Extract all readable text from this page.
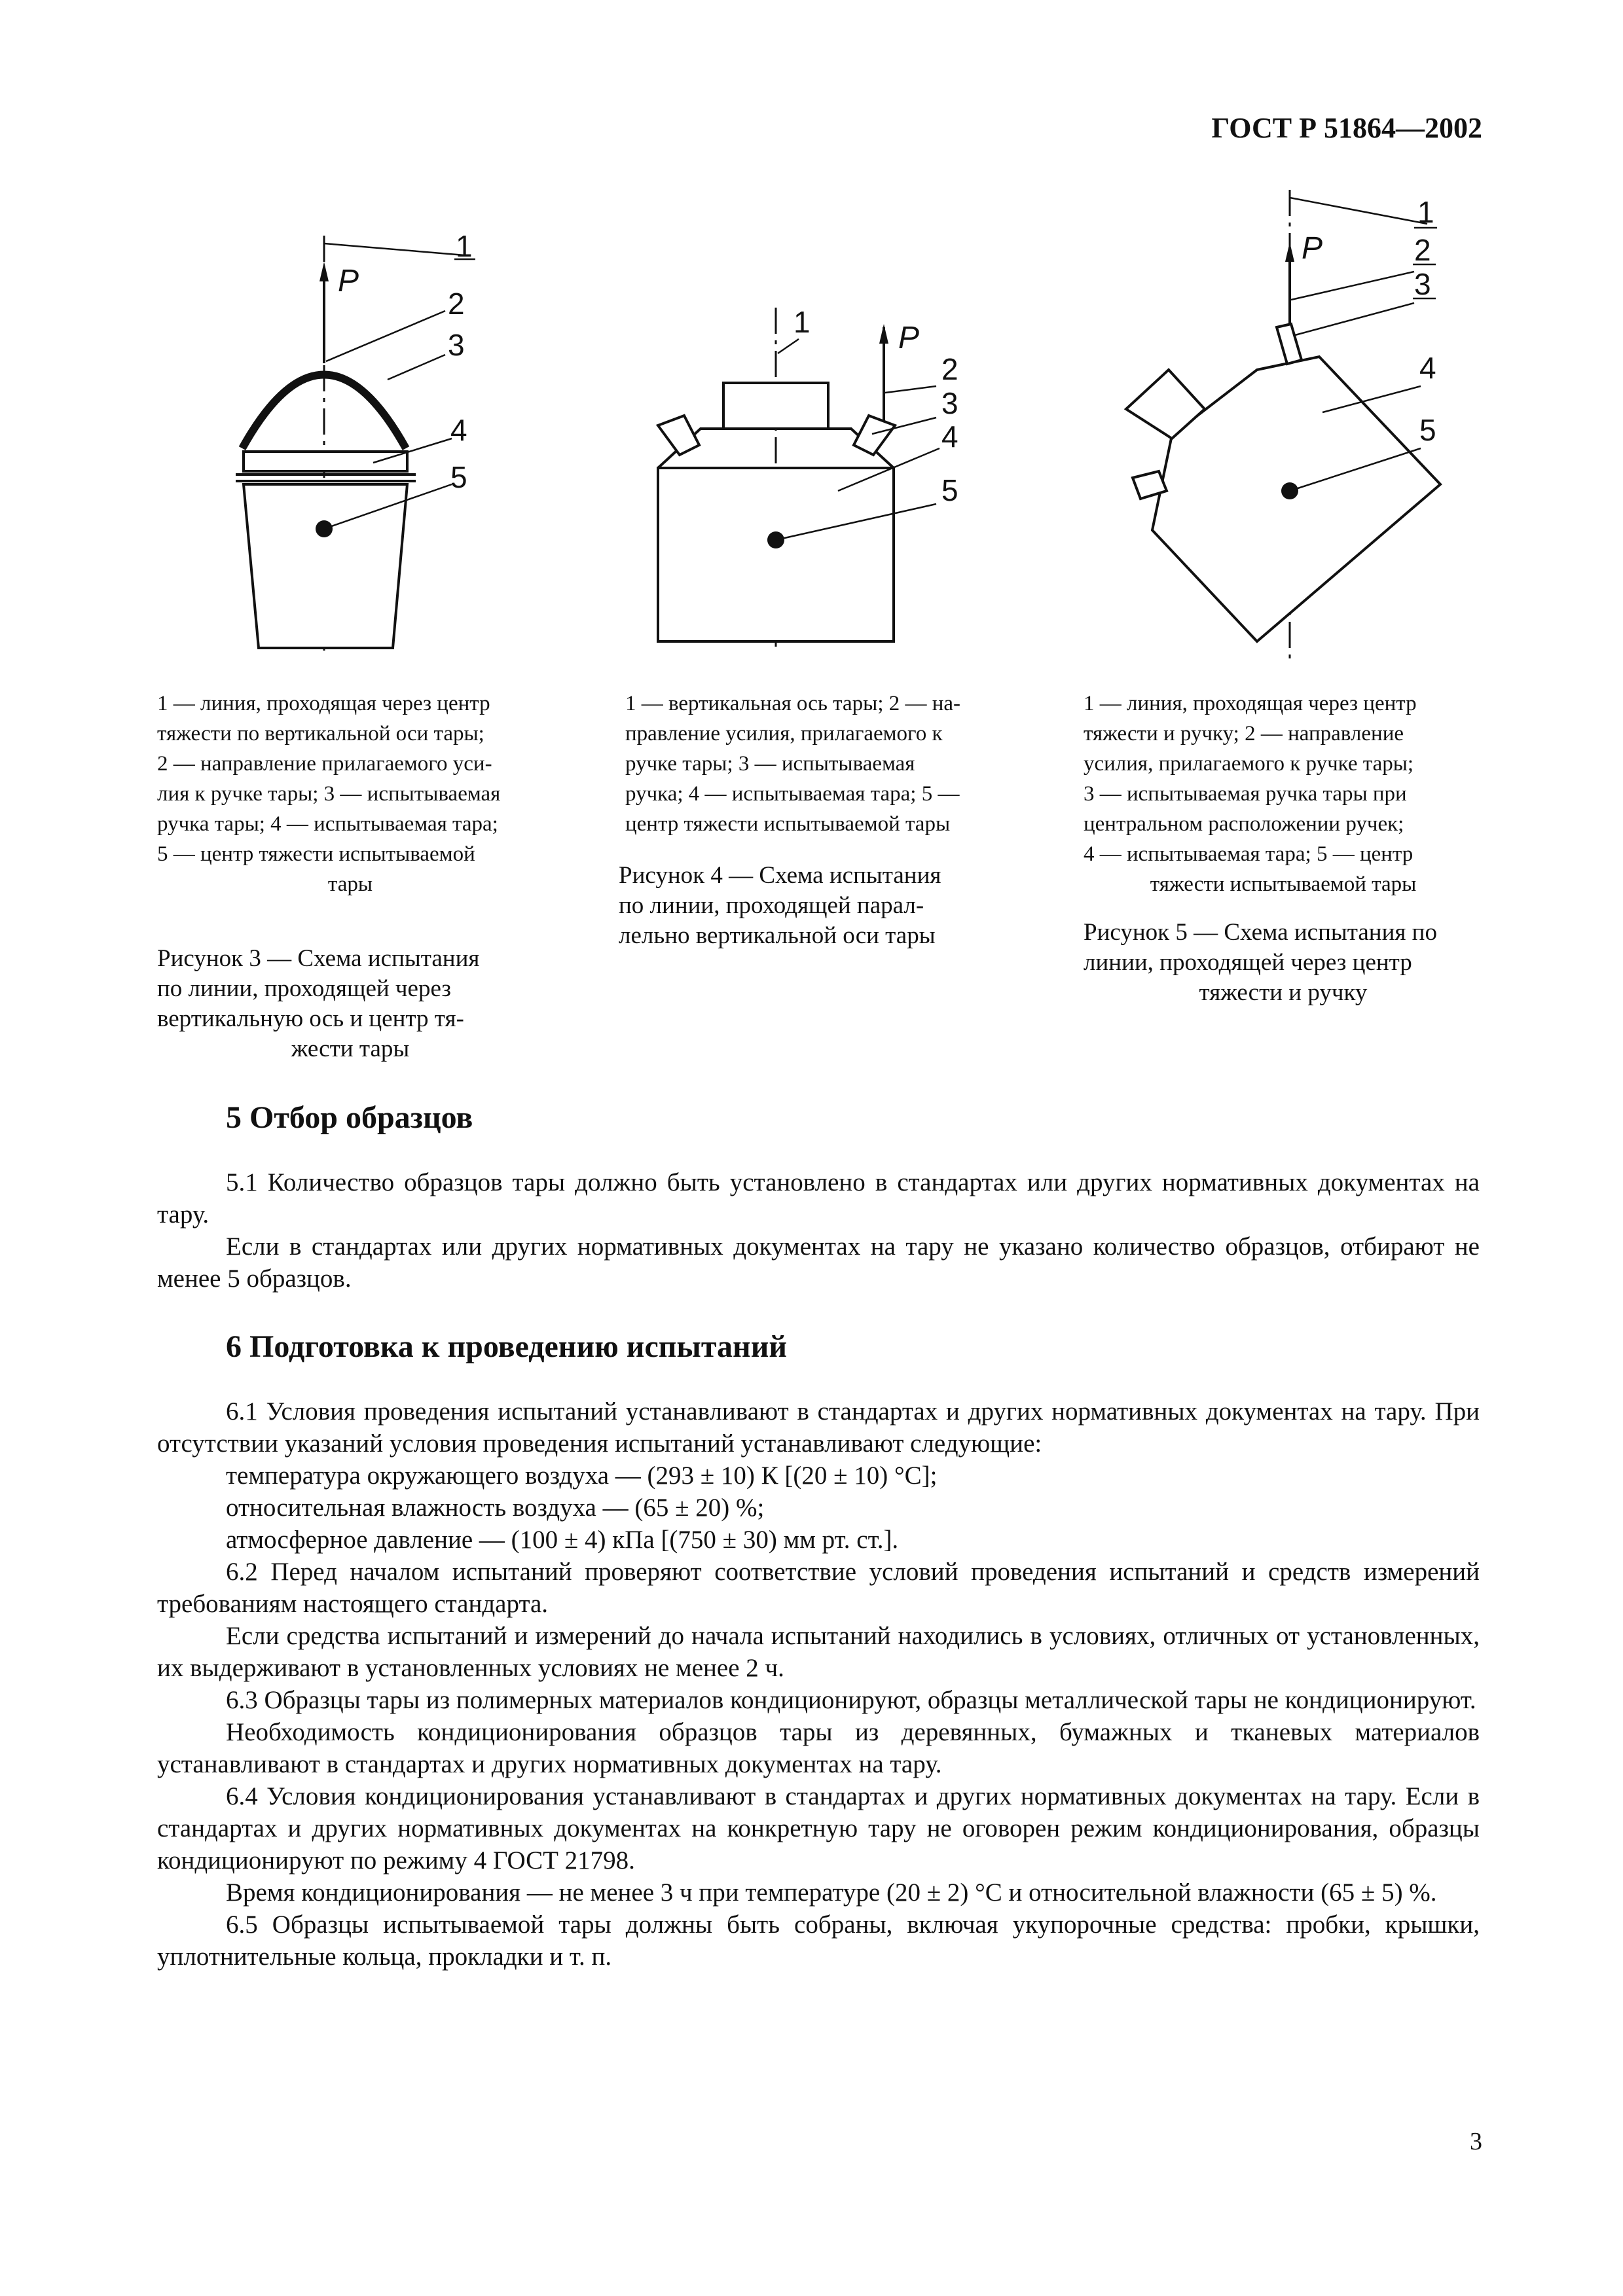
ГОСТ Р 51864—2002
1
2
3
4
5
P
1
2
3
4
5
P
1
2
3
4
5
P
1 — линия, проходящая через центр
тяжести по вертикальной оси тары;
2 — направление прилагаемого уси-
лия к ручке тары; 3 — испытываемая
ручка тары; 4 — испытываемая тара;
5 — центр тяжести испытываемой
тары
Рисунок 3 — Схема испытания
по линии, проходящей через
вертикальную ось и центр тя-
жести тары
1 — вертикальная ось тары; 2 — на-
правление усилия, прилагаемого к
ручке тары; 3 — испытываемая
ручка; 4 — испытываемая тара; 5 —
центр тяжести испытываемой тары
Рисунок 4 — Схема испытания
по линии, проходящей парал-
лельно вертикальной оси тары
1 — линия, проходящая через центр
тяжести и ручку; 2 — направление
усилия, прилагаемого к ручке тары;
3 — испытываемая ручка тары при
центральном расположении ручек;
4 — испытываемая тара; 5 — центр
тяжести испытываемой тары
Рисунок 5 — Схема испытания по
линии, проходящей через центр
тяжести и ручку
5 Отбор образцов

5.1 Количество образцов тары должно быть установлено в стандартах или других нормативных документах на тару.

Если в стандартах или других нормативных документах на тару не указано количество образцов, отбирают не менее 5 образцов.

6 Подготовка к проведению испытаний

6.1 Условия проведения испытаний устанавливают в стандартах и других нормативных документах на тару. При отсутствии указаний условия проведения испытаний устанавливают следующие:

температура окружающего воздуха — (293 ± 10) К [(20 ± 10) °С];

относительная влажность воздуха — (65 ± 20) %;

атмосферное давление — (100 ± 4) кПа [(750 ± 30) мм рт. ст.].

6.2 Перед началом испытаний проверяют соответствие условий проведения испытаний и средств измерений требованиям настоящего стандарта.

Если средства испытаний и измерений до начала испытаний находились в условиях, отличных от установленных, их выдерживают в установленных условиях не менее 2 ч.

6.3 Образцы тары из полимерных материалов кондиционируют, образцы металлической тары не кондиционируют.

Необходимость кондиционирования образцов тары из деревянных, бумажных и тканевых материалов устанавливают в стандартах и других нормативных документах на тару.

6.4 Условия кондиционирования устанавливают в стандартах и других нормативных документах на тару. Если в стандартах и других нормативных документах на конкретную тару не оговорен режим кондиционирования, образцы кондиционируют по режиму 4 ГОСТ 21798.

Время кондиционирования — не менее 3 ч при температуре (20 ± 2) °С и относительной влажности (65 ± 5) %.

6.5 Образцы испытываемой тары должны быть собраны, включая укупорочные средства: пробки, крышки, уплотнительные кольца, прокладки и т. п.

3
